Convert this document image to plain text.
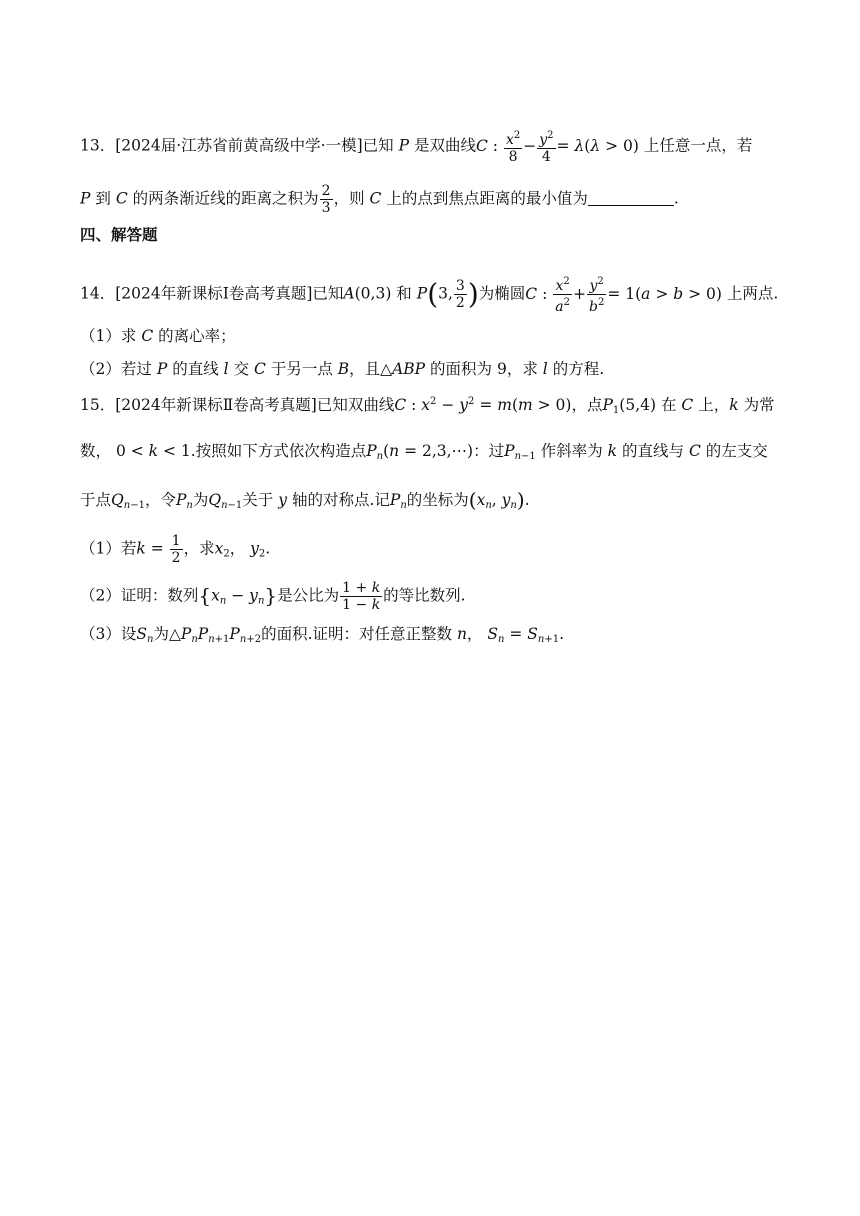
13．[2024届·江苏省前黄高级中学·一模]已知 P 是双曲线C : $\frac{x^2}{8} - \frac{y^2}{4} = \lambda(\lambda > 0)$ 上任意一点，若
P 到 C 的两条渐近线的距离之积为 $\frac{2}{3}$ ，则 C 上的点到焦点距离的最小值为	.
四、解答题
14．[2024年新课标Ⅰ卷高考真题]已知A(0,3) 和 P(3, $\frac{3}{2}$ )为椭圆C : $\frac{x^2}{a^2} + \frac{y^2}{b^2} = 1(a > b > 0)$ 上两点.
（1）求 C 的离心率；
（2）若过 P 的直线 l 交 C 于另一点 B，且△ABP 的面积为 9，求 l 的方程.
15．[2024年新课标Ⅱ卷高考真题]已知双曲线C : $x^2 - y^2 = m(m > 0)$，点$P_1(5,4)$ 在 C 上，k 为常
数， 0 < k < 1.按照如下方式依次构造点$P_n(n$ = 2,3,⋯)：过$P_{n-1}$ 作斜率为 k 的直线与 C 的左支交
于点$Q_{n-1}$，令$P_n$为$Q_{n-1}$关于 y 轴的对称点.记$P_n$的坐标为($x_n$, $y_n$).
（1）若$k = \frac{1}{2}$ ，求$x_2$， $y_2$.
（2）证明：数列$\{x_n - y_n\}$是公比为 $\frac{1 + k}{1 - k}$ 的等比数列.
（3）设$S_n$为$\triangle P_nP_{n+1}P_{n+2}$的面积.证明：对任意正整数 n， $S_n = S_{n+1}$.
